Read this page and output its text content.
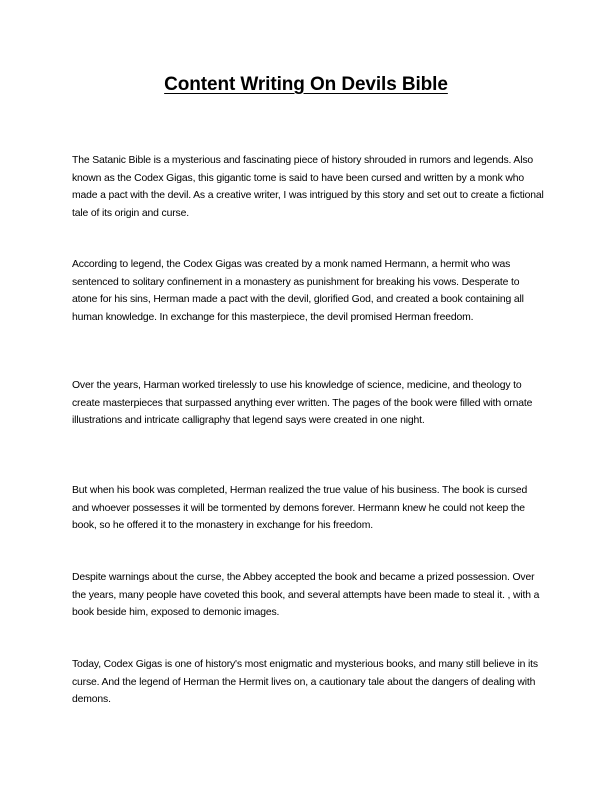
Content Writing On Devils Bible

The Satanic Bible is a mysterious and fascinating piece of history shrouded in rumors and legends. Also known as the Codex Gigas, this gigantic tome is said to have been cursed and written by a monk who made a pact with the devil. As a creative writer, I was intrigued by this story and set out to create a fictional tale of its origin and curse.

According to legend, the Codex Gigas was created by a monk named Hermann, a hermit who was sentenced to solitary confinement in a monastery as punishment for breaking his vows. Desperate to atone for his sins, Herman made a pact with the devil, glorified God, and created a book containing all human knowledge. In exchange for this masterpiece, the devil promised Herman freedom.

Over the years, Harman worked tirelessly to use his knowledge of science, medicine, and theology to create masterpieces that surpassed anything ever written. The pages of the book were filled with ornate illustrations and intricate calligraphy that legend says were created in one night.

But when his book was completed, Herman realized the true value of his business. The book is cursed and whoever possesses it will be tormented by demons forever. Hermann knew he could not keep the book, so he offered it to the monastery in exchange for his freedom.

Despite warnings about the curse, the Abbey accepted the book and became a prized possession. Over the years, many people have coveted this book, and several attempts have been made to steal it. , with a book beside him, exposed to demonic images.

Today, Codex Gigas is one of history's most enigmatic and mysterious books, and many still believe in its curse. And the legend of Herman the Hermit lives on, a cautionary tale about the dangers of dealing with demons.
